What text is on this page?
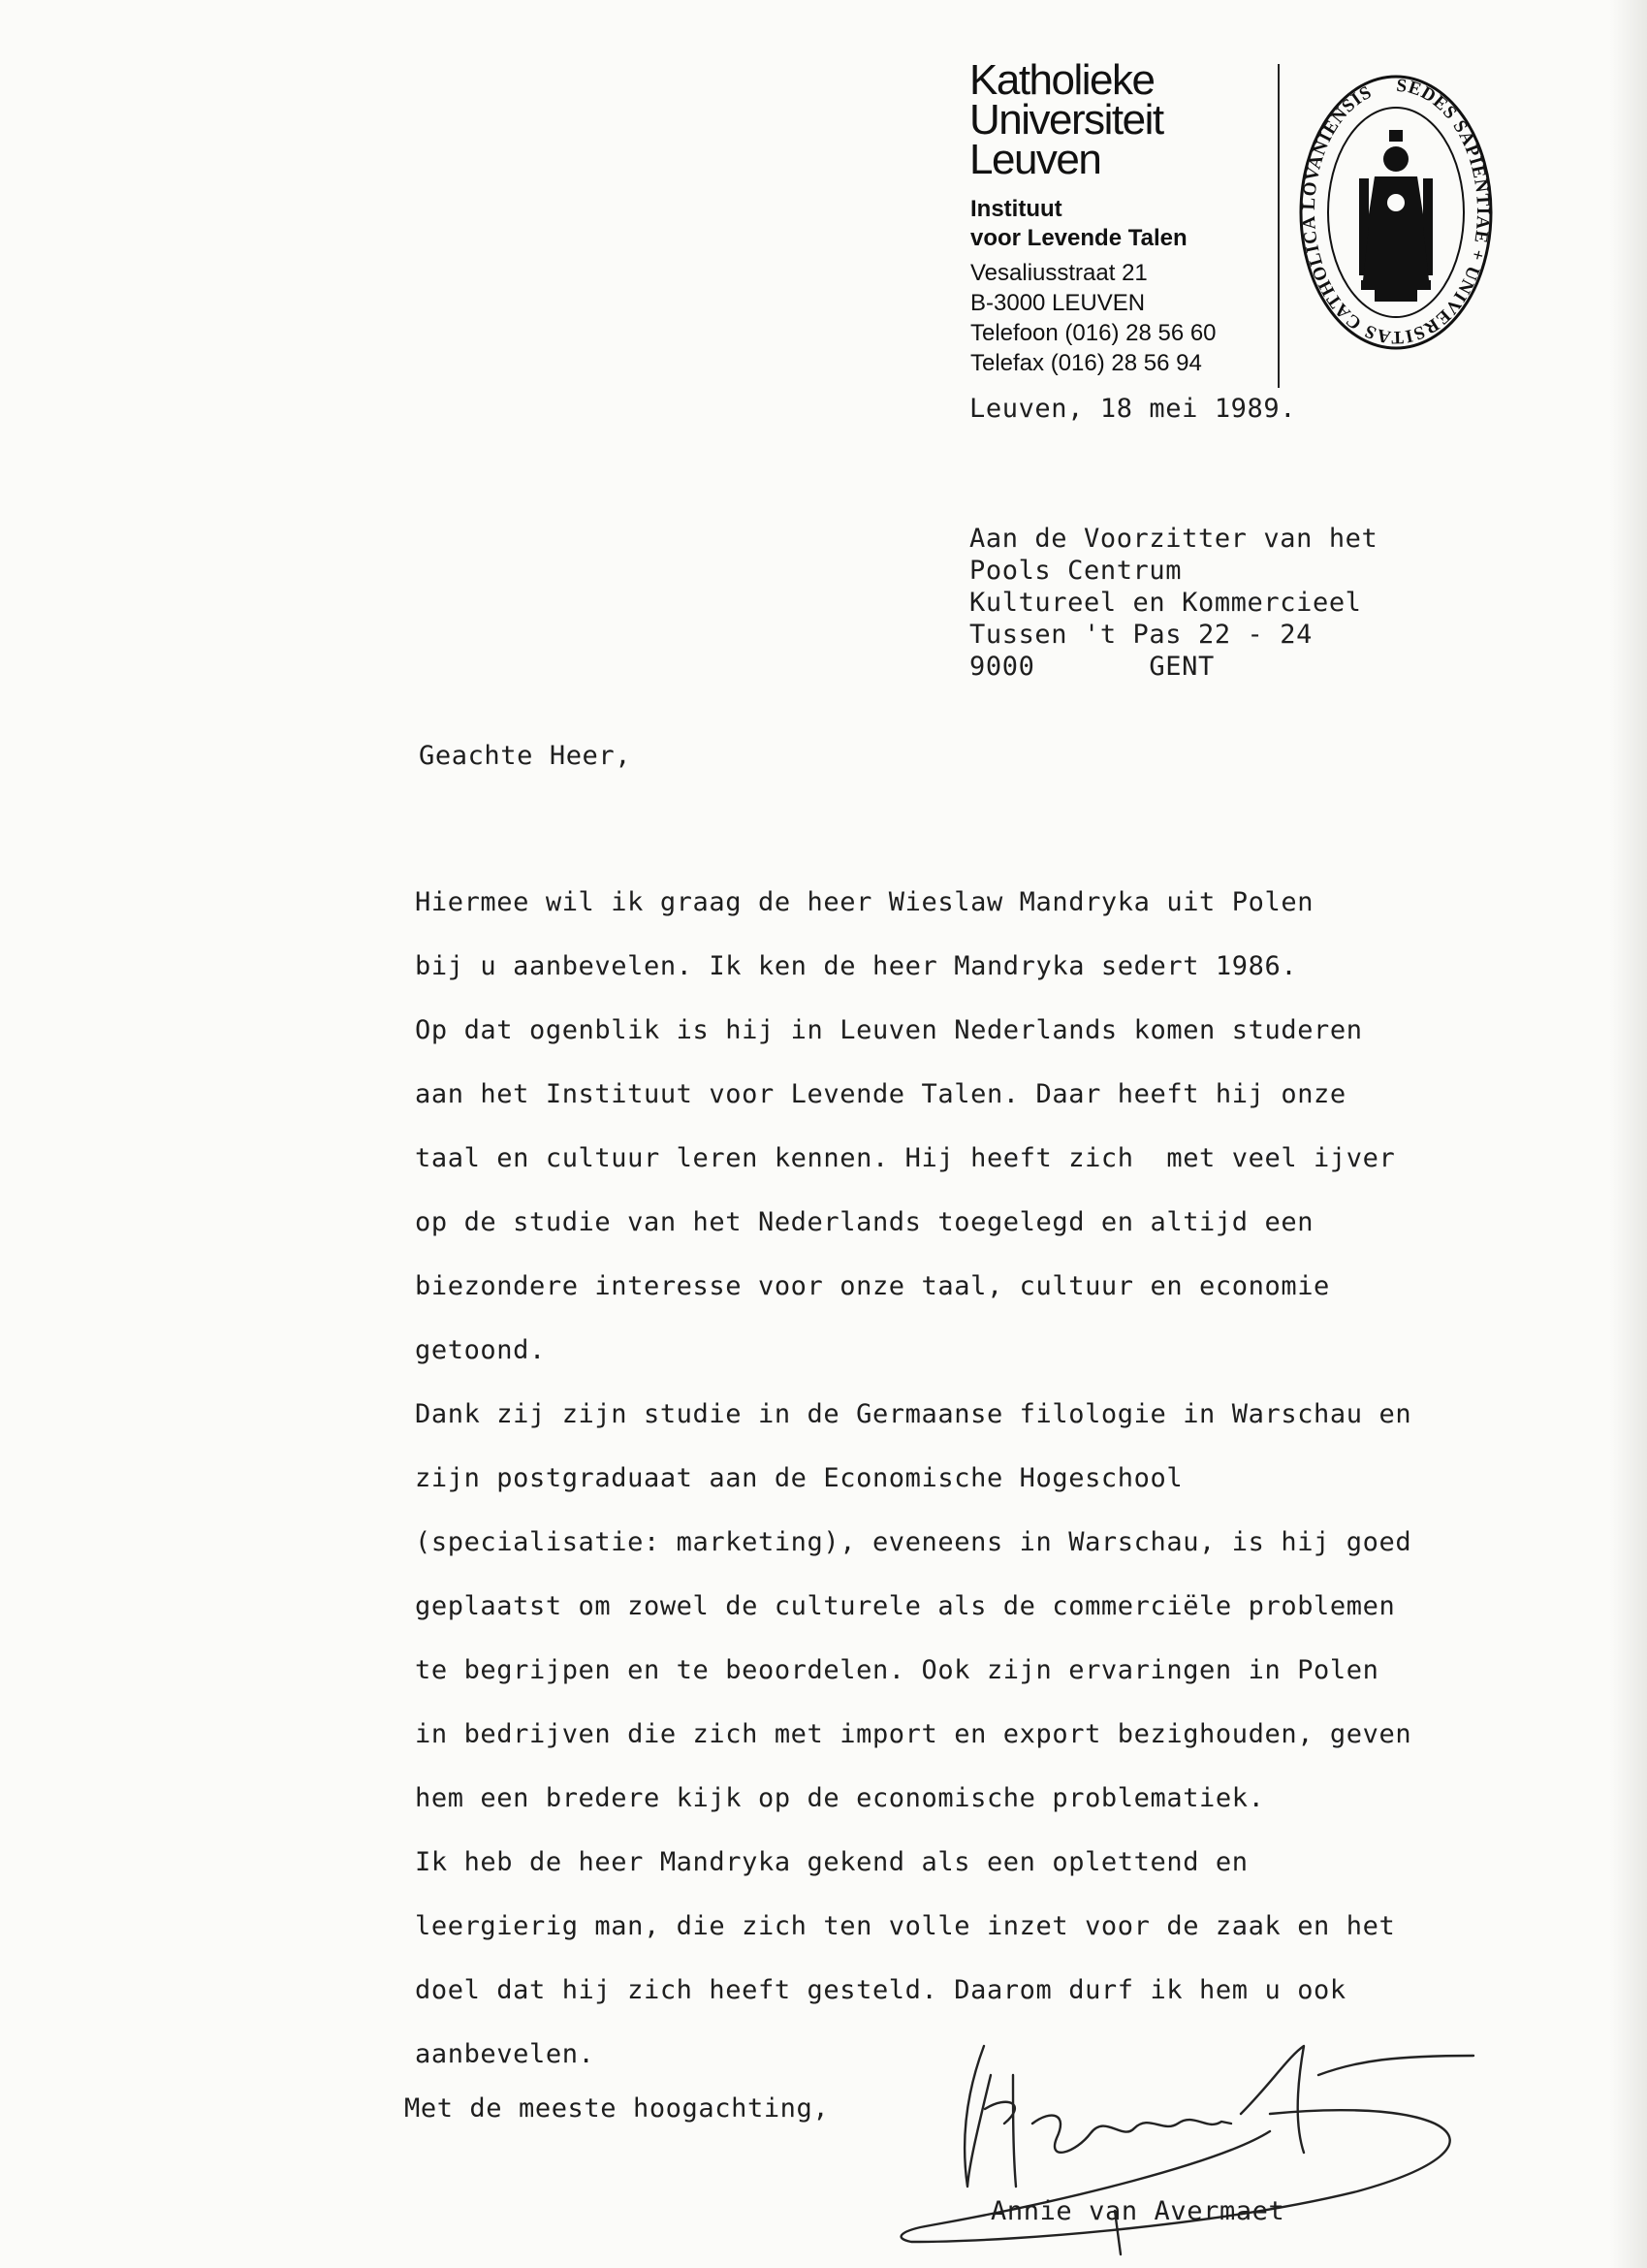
Katholieke
Universiteit
Leuven
Instituut
voor Levende Talen
Vesaliusstraat 21
B-3000 LEUVEN
Telefoon (016) 28 56 60
Telefax (016) 28 56 94
SEDES SAPIENTIAE + UNIVERSITAS CATHOLICA LOVANIENSIS
Leuven, 18 mei 1989.
Aan de Voorzitter van het
Pools Centrum
Kultureel en Kommercieel
Tussen 't Pas 22 - 24
9000       GENT
Geachte Heer,
Hiermee wil ik graag de heer Wieslaw Mandryka uit Polen
bij u aanbevelen. Ik ken de heer Mandryka sedert 1986.
Op dat ogenblik is hij in Leuven Nederlands komen studeren
aan het Instituut voor Levende Talen. Daar heeft hij onze
taal en cultuur leren kennen. Hij heeft zich  met veel ijver
op de studie van het Nederlands toegelegd en altijd een
biezondere interesse voor onze taal, cultuur en economie
getoond.
Dank zij zijn studie in de Germaanse filologie in Warschau en
zijn postgraduaat aan de Economische Hogeschool
(specialisatie: marketing), eveneens in Warschau, is hij goed
geplaatst om zowel de culturele als de commerciële problemen
te begrijpen en te beoordelen. Ook zijn ervaringen in Polen
in bedrijven die zich met import en export bezighouden, geven
hem een bredere kijk op de economische problematiek.
Ik heb de heer Mandryka gekend als een oplettend en
leergierig man, die zich ten volle inzet voor de zaak en het
doel dat hij zich heeft gesteld. Daarom durf ik hem u ook
aanbevelen.
Met de meeste hoogachting,
Annie van Avermaet
